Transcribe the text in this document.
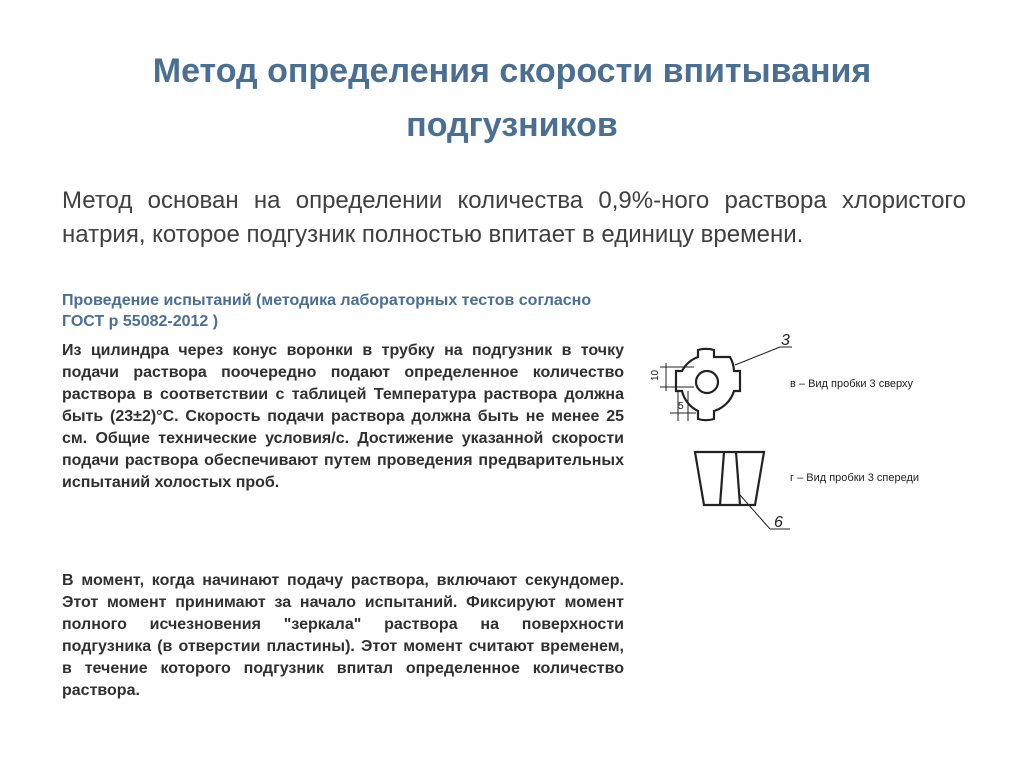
Метод определения скорости впитывания
подгузников

Метод основан на определении количества 0,9%-ного раствора хлористого натрия, которое подгузник полностью впитает в единицу времени.

Проведение испытаний (методика лабораторных тестов согласно ГОСТ р 55082-2012 )

Из цилиндра через конус воронки в трубку на подгузник в точку подачи раствора поочередно подают определенное количество раствора в соответствии с таблицей Температура раствора должна быть (23±2)°С. Скорость подачи раствора должна быть не менее 25 см. Общие технические условия/с. Достижение указанной скорости подачи раствора обеспечивают путем проведения предварительных испытаний холостых проб.

В момент, когда начинают подачу раствора, включают секундомер. Этот момент принимают за начало испытаний. Фиксируют момент полного исчезновения "зеркала" раствора на поверхности подгузника (в отверстии пластины). Этот момент считают временем, в течение которого подгузник впитал определенное количество раствора.

10
5
3
в – Вид пробки 3 сверху
6
г – Вид пробки 3 спереди
